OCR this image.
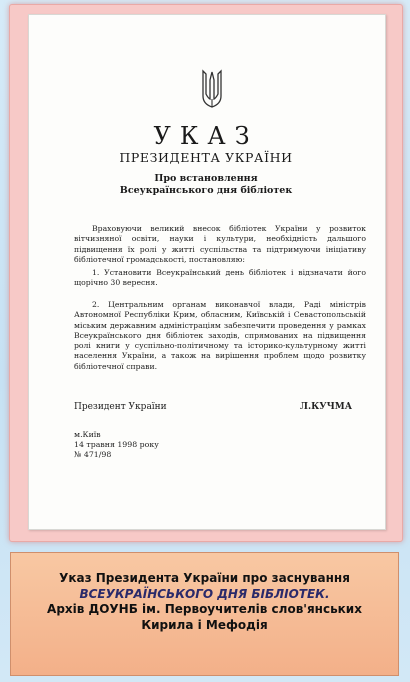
УКАЗ
ПРЕЗИДЕНТА УКРАЇНИ
Про встановлення
Всеукраїнського дня бібліотек

Враховуючи великий внесок бібліотек України у розвиток вітчизняної освіти, науки і культури, необхідність дальшого підвищення їх ролі у житті суспільства та підтримуючи ініціативу бібліотечної громадськості, постановляю:

1. Установити Всеукраїнський день бібліотек і відзначати його щорічно 30 вересня.

2. Центральним органам виконавчої влади, Раді міністрів Автономної Республіки Крим, обласним, Київській і Севастопольській міським державним адміністраціям забезпечити проведення у рамках Всеукраїнського дня бібліотек заходів, спрямованих на підвищення ролі книги у суспільно-політичному та історико-культурному житті населення України, а також на вирішення проблем щодо розвитку бібліотечної справи.

Президент України	Л.КУЧМА
м.Київ
14 травня 1998 року
№ 471/98
Указ Президента України про заснування
ВСЕУКРАЇНСЬКОГО ДНЯ БІБЛІОТЕК.
Архів ДОУНБ ім. Первоучителів слов'янських
Кирила і Мефодія
